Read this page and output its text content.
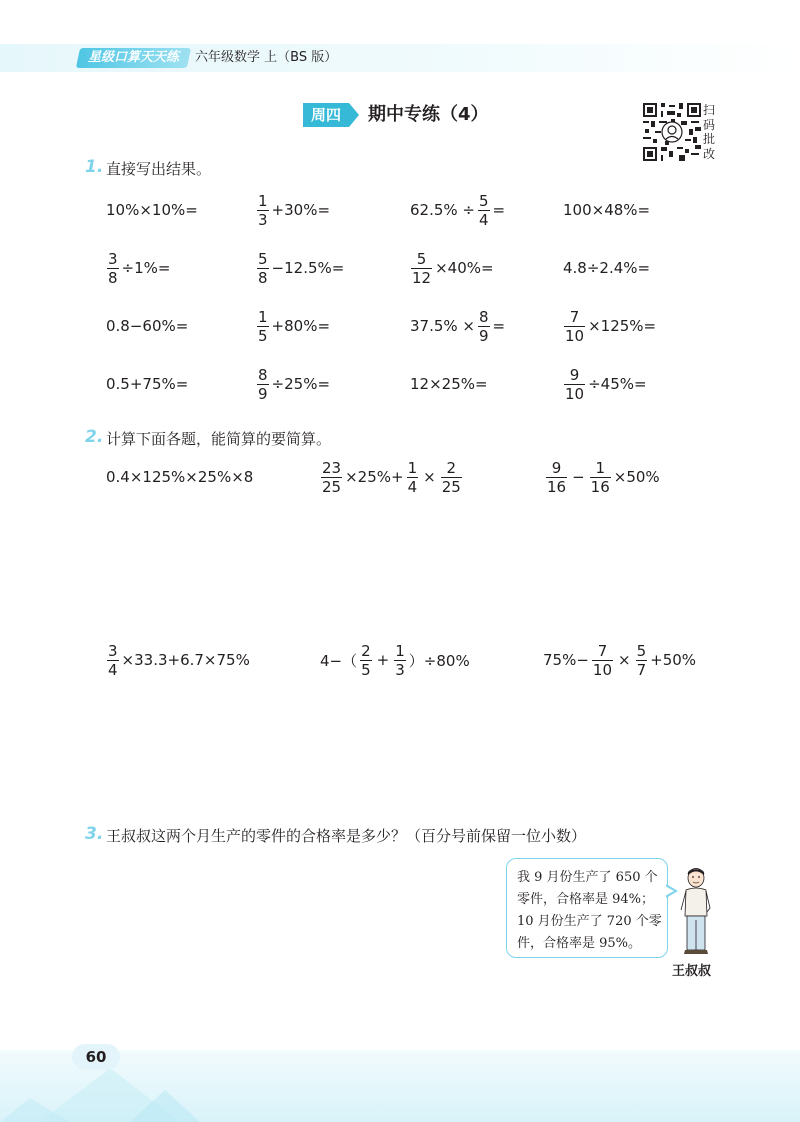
星级口算天天练	六年级数学 上（BS 版）
周四	期中专练（4）	扫
码
批
改
1. 直接写出结果。
10%×10%=	$\frac{1}{3} +30\%=$	$62.5\% \div \frac{5}{4}$ =	100×48%=
$\frac{3}{8} \div 1\%=$	$\frac{5}{8} -12.5\%=$	$\frac{5}{12} \times 40\%=$	4.8÷2.4%=
0.8−60%=	$\frac{1}{5} +80\%=$	$37.5\% \times \frac{8}{9}$ =	$\frac{7}{10} \times 125\%=$
0.5+75%=	$\frac{8}{9} \div 25\%=$	12×25%=	$\frac{9}{10} \div 45\%=$
2. 计算下面各题，能简算的要简算。
0.4×125%×25%×8	$\frac{23}{25} \times 25\%+ \frac{1}{4} \times \frac{2}{25}$	$\frac{9}{16} - \frac{1}{16} \times 50\%$
$\frac{3}{4} \times 33.3+6.7\times 75\%$	$4-( \frac{2}{5} + \frac{1}{3} )\div 80\%$	$75\%- \frac{7}{10} \times \frac{5}{7} +50\%$
3. 王叔叔这两个月生产的零件的合格率是多少？（百分号前保留一位小数）
我 9 月份生产了 650 个
零件，合格率是 94%；
10 月份生产了 720 个零
件，合格率是 95%。
王叔叔
60
